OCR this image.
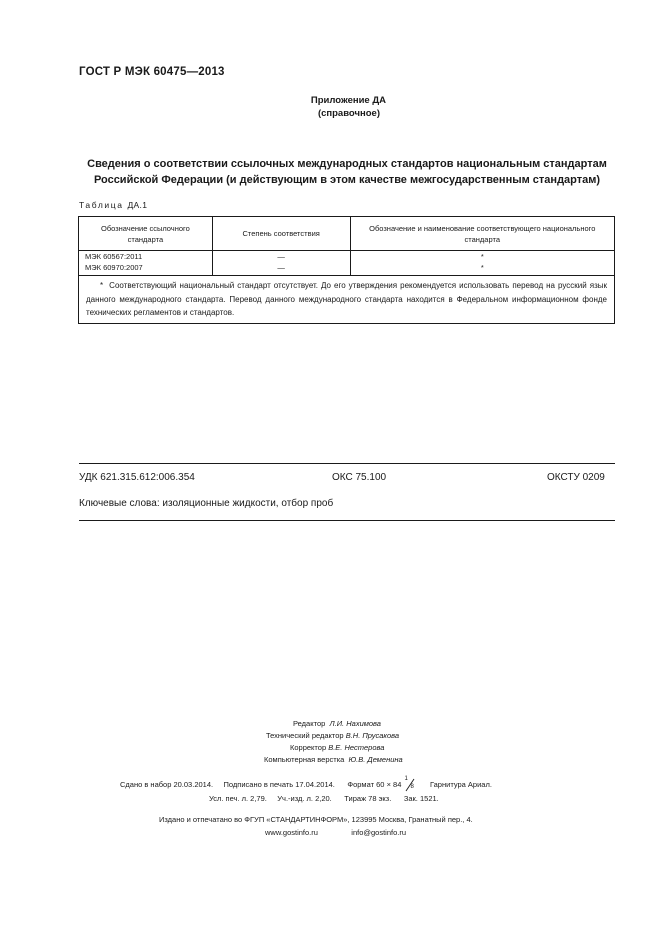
ГОСТ Р МЭК 60475—2013
Приложение ДА
(справочное)
Сведения о соответствии ссылочных международных стандартов национальным стандартам
Российской Федерации (и действующим в этом качестве межгосударственным стандартам)
Таблица ДА.1
Обозначение ссылочного стандарта	Степень соответствия	Обозначение и наименование соответствующего национального стандарта
МЭК 60567:2011	—	*
МЭК 60970:2007	—	*
* Соответствующий национальный стандарт отсутствует. До его утверждения рекомендуется использовать перевод на русский язык данного международного стандарта. Перевод данного международного стандарта находится в Федеральном информационном фонде технических регламентов и стандартов.		
УДК 621.315.612:006.354	ОКС 75.100	ОКСТУ 0209
Ключевые слова: изоляционные жидкости, отбор проб
Редактор Л.И. Нахимова
Технический редактор В.Н. Прусакова
Корректор В.Е. Нестерова
Компьютерная верстка Ю.В. Деменина
Сдано в набор 20.03.2014. Подписано в печать 17.04.2014. Формат 60 × 84
1
8 Гарнитура Ариал.
Усл. печ. л. 2,79. Уч.-изд. л. 2,20. Тираж 78 экз. Зак. 1521.
Издано и отпечатано во ФГУП «СТАНДАРТИНФОРМ», 123995 Москва, Гранатный пер., 4.
www.gostinfo.ru	info@gostinfo.ru
